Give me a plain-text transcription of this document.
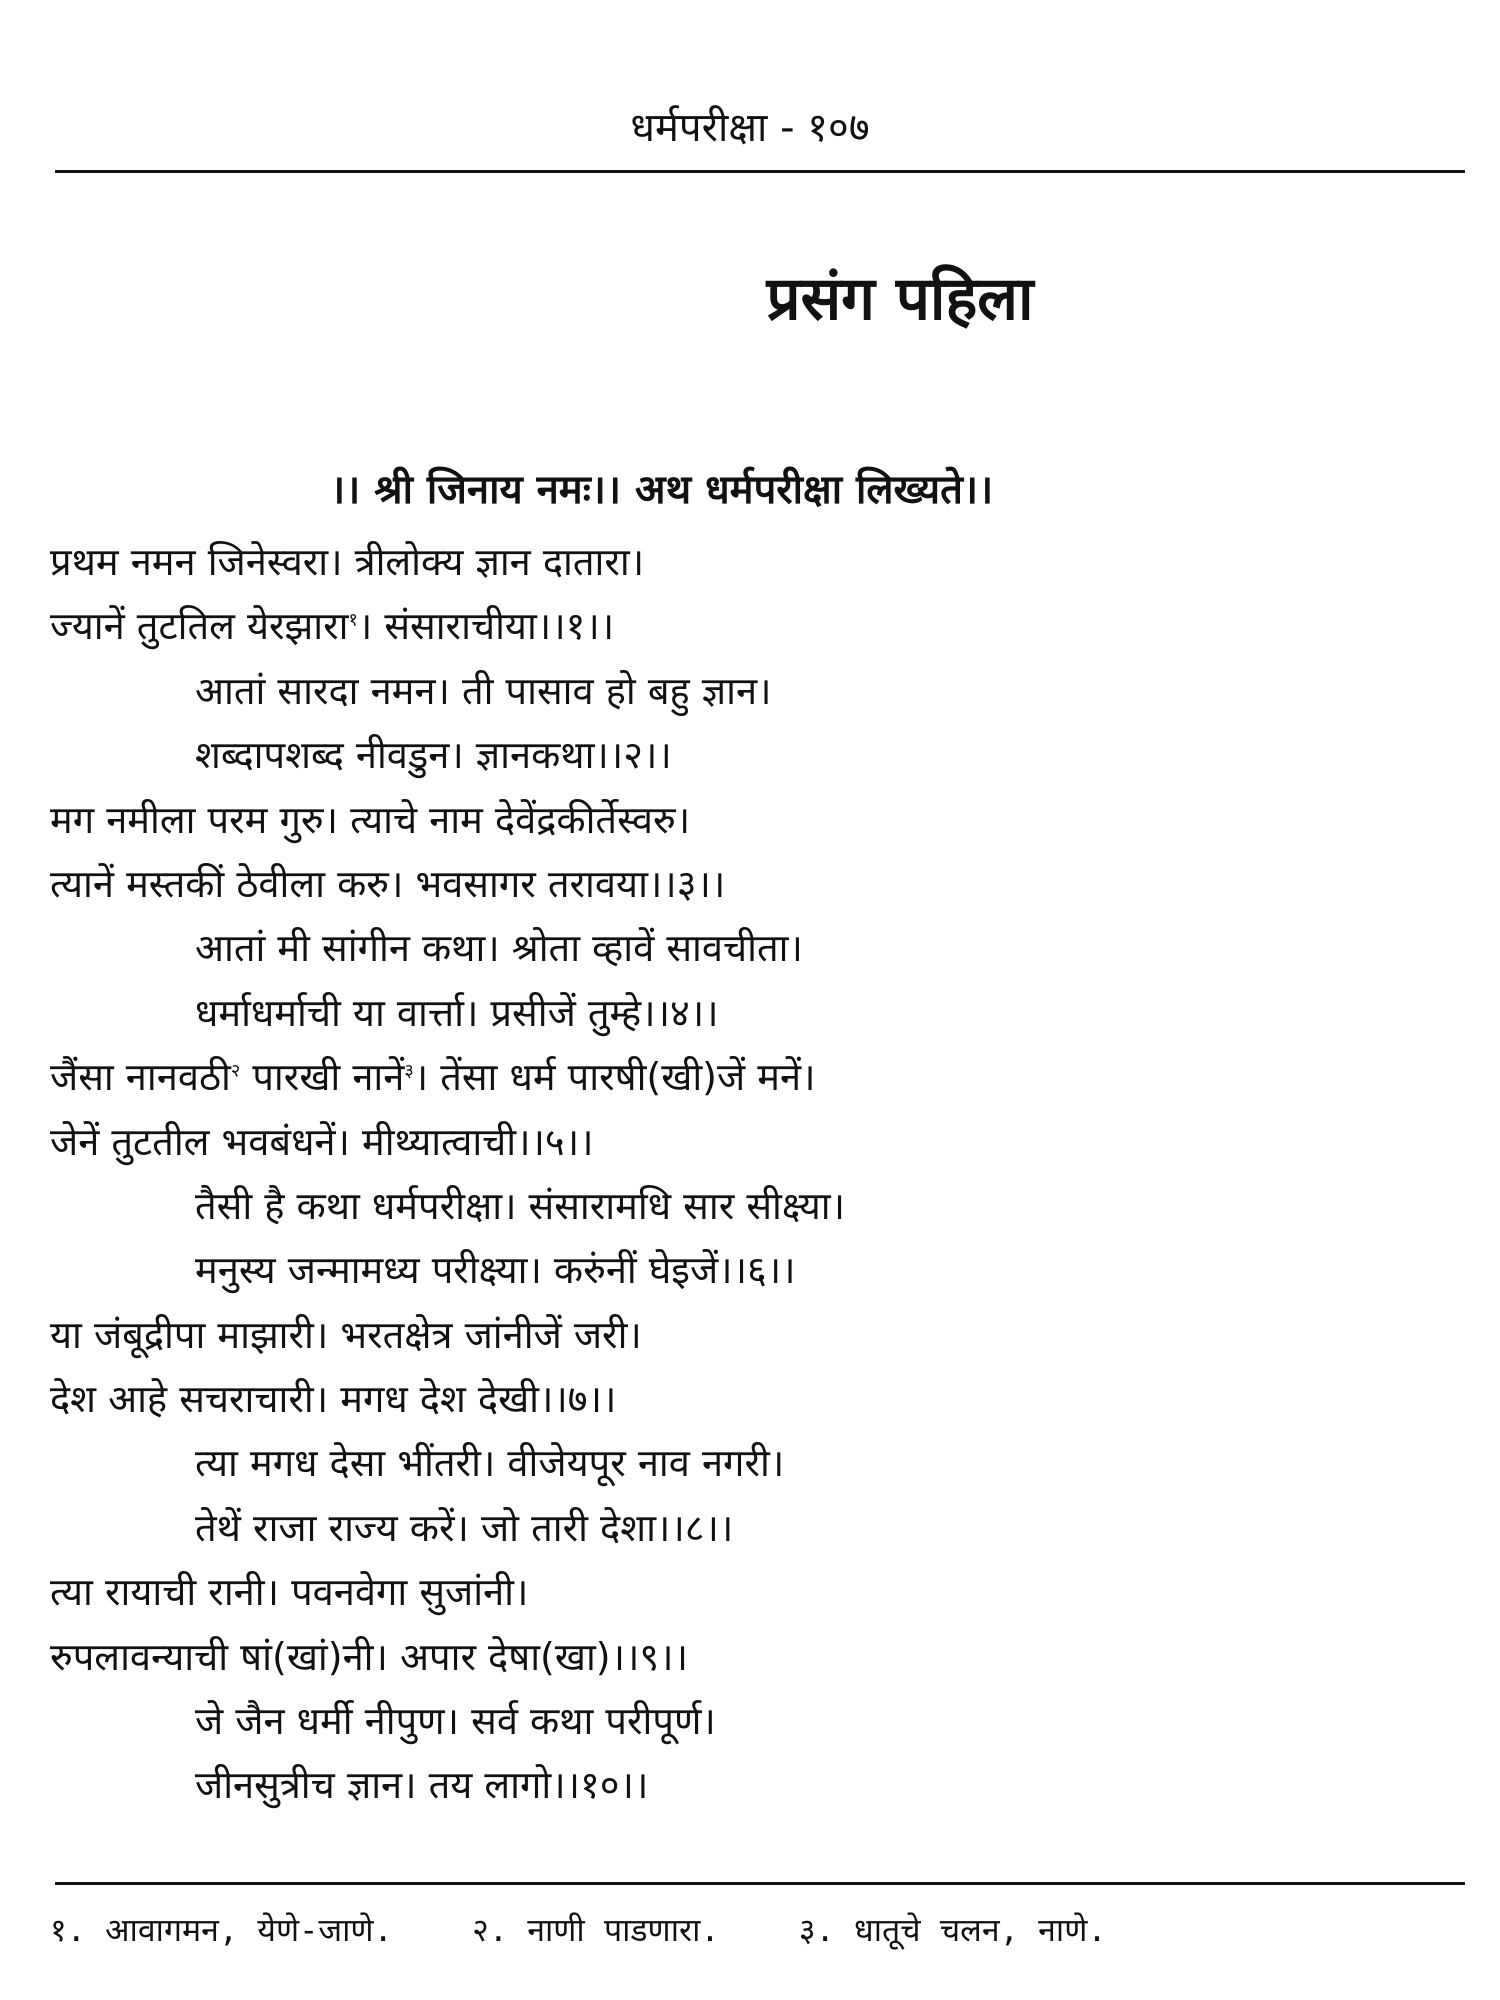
धर्मपरीक्षा - १०७
प्रसंग पहिला
।। श्री जिनाय नमः।। अथ धर्मपरीक्षा लिख्यते।।
प्रथम नमन जिनेस्वरा। त्रीलोक्य ज्ञान दातारा।
ज्यानें तुटतिल येरझारा$^१$। संसाराचीया।।१।।
आतां सारदा नमन। ती पासाव हो बहु ज्ञान।
शब्दापशब्द नीवडुन। ज्ञानकथा।।२।।
मग नमीला परम गुरु। त्याचे नाम देवेंद्रकीर्तेस्वरु।
त्यानें मस्तकीं ठेवीला करु। भवसागर तरावया।।३।।
आतां मी सांगीन कथा। श्रोता व्हावें सावचीता।
धर्माधर्माची या वार्त्ता। प्रसीजें तुम्हे।।४।।
जैंसा नानवठी$^२$ पारखी नानें$^३$। तेंसा धर्म पारषी(खी)जें मनें।
जेनें तुटतील भवबंधनें। मीथ्यात्वाची।।५।।
तैसी है कथा धर्मपरीक्षा। संसारामधि सार सीक्ष्या।
मनुस्य जन्मामध्य परीक्ष्या। करुंनीं घेइजें।।६।।
या जंबूद्रीपा माझारी। भरतक्षेत्र जांनीजें जरी।
देश आहे सचराचारी। मगध देश देखी।।७।।
त्या मगध देसा भींतरी। वीजेयपूर नाव नगरी।
तेथें राजा राज्य करें। जो तारी देशा।।८।।
त्या रायाची रानी। पवनवेगा सुजांनी।
रुपलावन्याची षां(खां)नी। अपार देषा(खा)।।९।।
जे जैन धर्मी नीपुण। सर्व कथा परीपूर्ण।
जीनसुत्रीच ज्ञान। तय लागो।।१०।।
१. आवागमन, येणे-जाणे. २. नाणी पाडणारा. ३. धातूचे चलन, नाणे.
